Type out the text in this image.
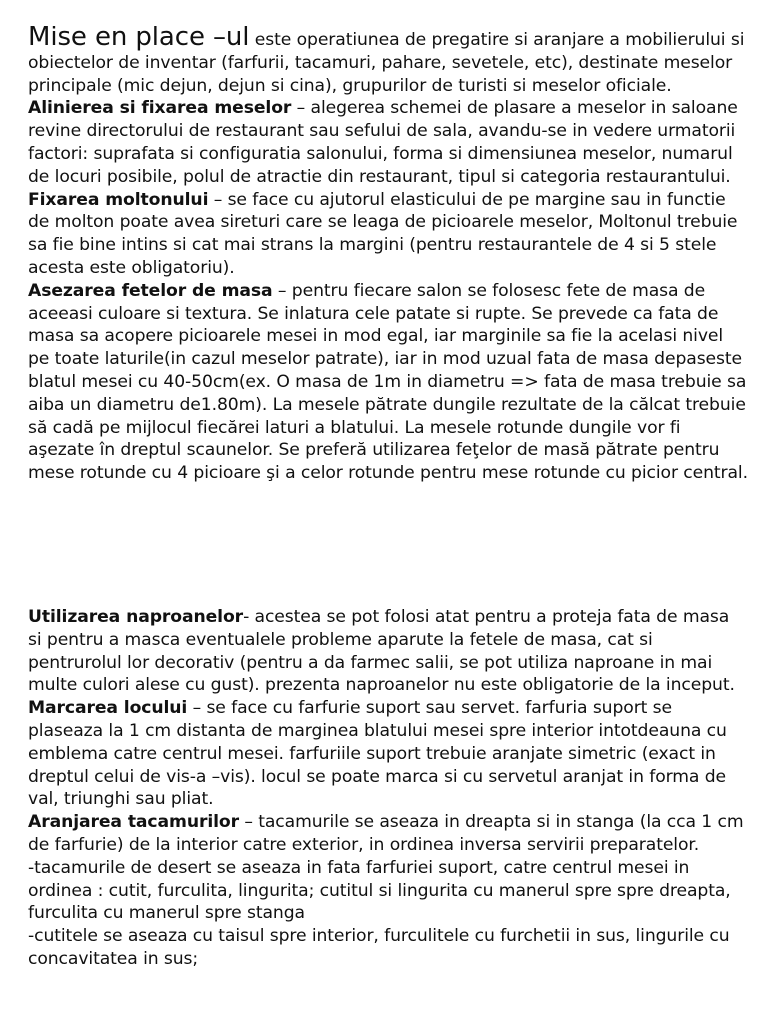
Mise en place –ul este operatiunea de pregatire si aranjare a mobilierului si obiectelor de inventar (farfurii, tacamuri, pahare, sevetele, etc), destinate meselor principale (mic dejun, dejun si cina), grupurilor de turisti si meselor oficiale.

Alinierea si fixarea meselor – alegerea schemei de plasare a meselor in saloane revine directorului de restaurant sau sefului de sala, avandu-se in vedere urmatorii factori: suprafata si configuratia salonului, forma si dimensiunea meselor, numarul de locuri posibile, polul de atractie din restaurant, tipul si categoria restaurantului.

Fixarea moltonului – se face cu ajutorul elasticului de pe margine sau in functie de molton poate avea sireturi care se leaga de picioarele meselor, Moltonul trebuie sa fie bine intins si cat mai strans la margini (pentru restaurantele de 4 si 5 stele acesta este obligatoriu).

Asezarea fetelor de masa – pentru fiecare salon se folosesc fete de masa de aceeasi culoare si textura. Se inlatura cele patate si rupte. Se prevede ca fata de masa sa acopere picioarele mesei in mod egal, iar marginile sa fie la acelasi nivel pe toate laturile(in cazul meselor patrate), iar in mod uzual fata de masa depaseste blatul mesei cu 40-50cm(ex. O masa de 1m in diametru => fata de masa trebuie sa aiba un diametru de1.80m). La mesele pătrate dungile rezultate de la călcat trebuie să cadă pe mijlocul fiecărei laturi a blatului. La mesele rotunde dungile vor fi aşezate în dreptul scaunelor. Se preferă utilizarea feţelor de masă pătrate pentru mese rotunde cu 4 picioare şi a celor rotunde pentru mese rotunde cu picior central.

Utilizarea naproanelor- acestea se pot folosi atat pentru a proteja fata de masa si pentru a masca eventualele probleme aparute la fetele de masa, cat si pentrurolul lor decorativ (pentru a da farmec salii, se pot utiliza naproane in mai multe culori alese cu gust). prezenta naproanelor nu este obligatorie de la inceput.

Marcarea locului – se face cu farfurie suport sau servet. farfuria suport se plaseaza la 1 cm distanta de marginea blatului mesei spre interior intotdeauna cu emblema catre centrul mesei. farfuriile suport trebuie aranjate simetric (exact in dreptul celui de vis-a –vis). locul se poate marca si cu servetul aranjat in forma de val, triunghi sau pliat.

Aranjarea tacamurilor – tacamurile se aseaza in dreapta si in stanga (la cca 1 cm de farfurie) de la interior catre exterior, in ordinea inversa servirii preparatelor.

-tacamurile de desert se aseaza in fata farfuriei suport, catre centrul mesei in ordinea : cutit, furculita, lingurita; cutitul si lingurita cu manerul spre spre dreapta, furculita cu manerul spre stanga

-cutitele se aseaza cu taisul spre interior, furculitele cu furchetii in sus, lingurile cu concavitatea in sus;
